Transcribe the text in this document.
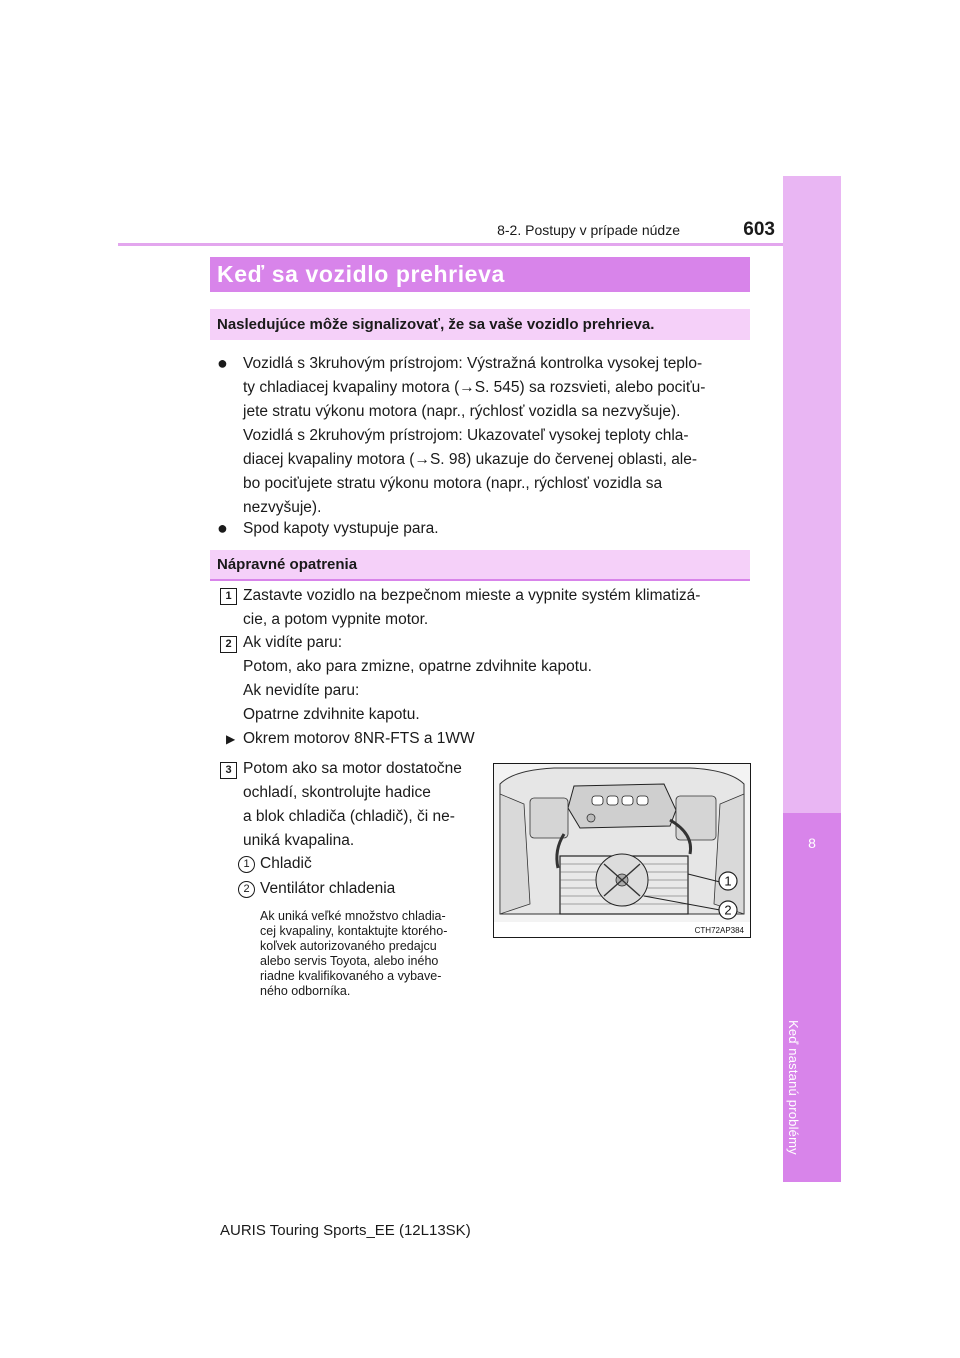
8
Keď nastanú problémy
8-2. Postupy v prípade núdze	603
Keď sa vozidlo prehrieva
Nasledujúce môže signalizovať, že sa vaše vozidlo prehrieva.
● Vozidlá s 3kruhovým prístrojom: Výstražná kontrolka vysokej teplo-
ty chladiacej kvapaliny motora (→S. 545) sa rozsvieti, alebo pociťu-
jete stratu výkonu motora (napr., rýchlosť vozidla sa nezvyšuje).
Vozidlá s 2kruhovým prístrojom: Ukazovateľ vysokej teploty chla-
diacej kvapaliny motora (→S. 98) ukazuje do červenej oblasti, ale-
bo pociťujete stratu výkonu motora (napr., rýchlosť vozidla sa
nezvyšuje).
● Spod kapoty vystupuje para.
Nápravné opatrenia
1 Zastavte vozidlo na bezpečnom mieste a vypnite systém klimatizá-
cie, a potom vypnite motor.
2 Ak vidíte paru:
Potom, ako para zmizne, opatrne zdvihnite kapotu.
Ak nevidíte paru:
Opatrne zdvihnite kapotu.
▶ Okrem motorov 8NR-FTS a 1WW
3 Potom ako sa motor dostatočne
ochladí, skontrolujte hadice
a blok chladiča (chladič), či ne-
uniká kvapalina.
1 Chladič
2 Ventilátor chladenia
Ak uniká veľké množstvo chladia-
cej kvapaliny, kontaktujte ktorého-
koľvek autorizovaného predajcu
alebo servis Toyota, alebo iného
riadne kvalifikovaného a vybave-
ného odborníka.
1
2
CTH72AP384
AURIS Touring Sports_EE (12L13SK)
